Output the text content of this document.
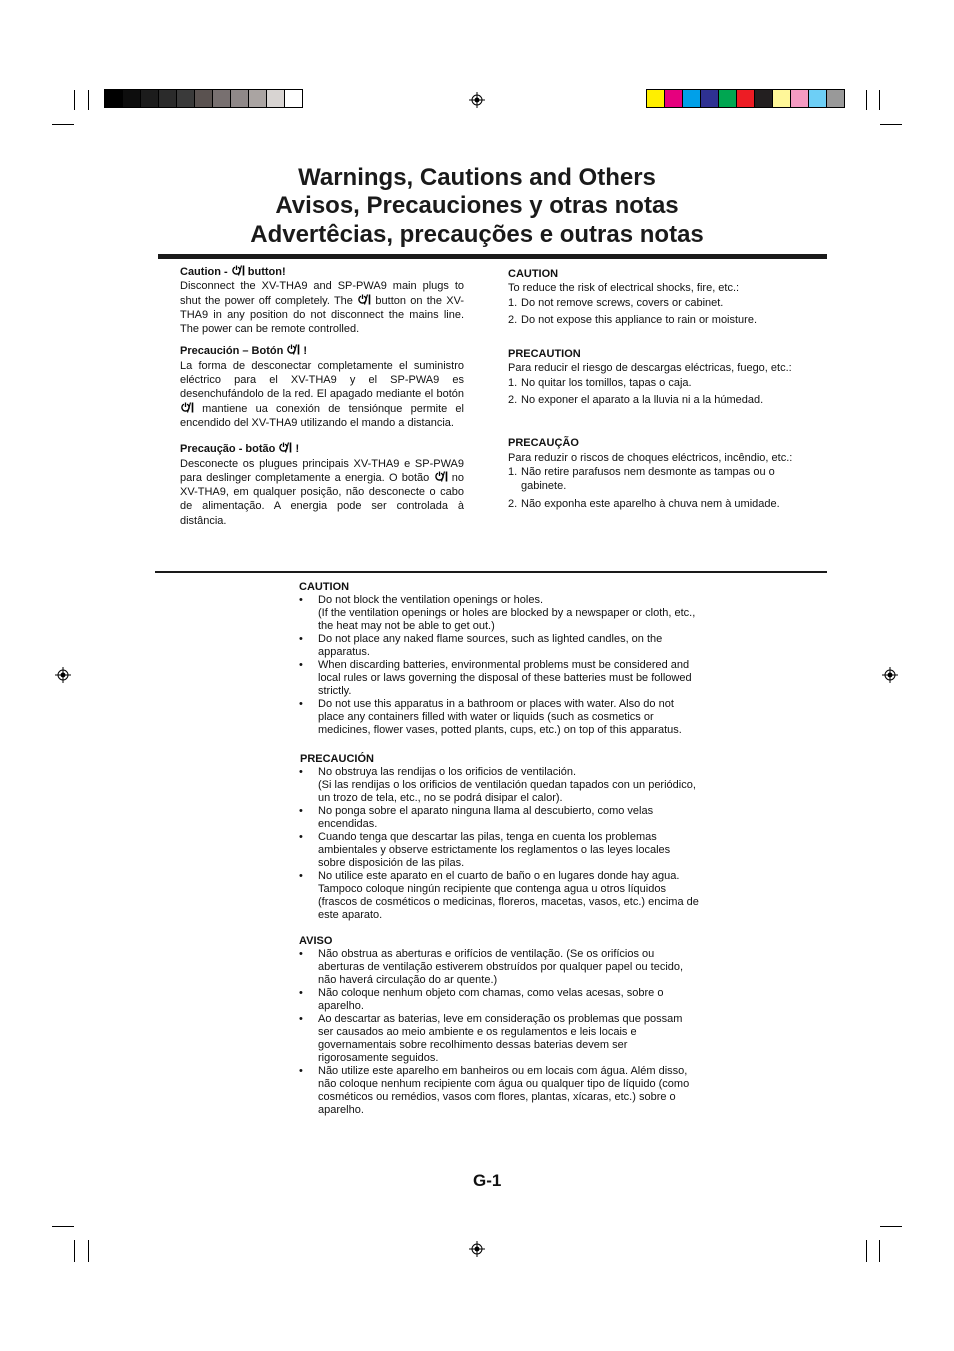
Warnings, Cautions and Others
Avisos, Precauciones y otras notas
Advertêcias, precauções e outras notas

Caution -  button!

Disconnect the XV-THA9 and SP-PWA9 main plugs to shut the power off completely. The  button on the XV-THA9 in any position do not disconnect the mains line. The power can be remote controlled.

Precaución – Botón  !

La forma de desconectar completamente el suministro eléctrico para el XV-THA9 y el SP-PWA9 es desenchufándolo de la red. El apagado mediante el botón  mantiene ua conexión de tensiónque permite el encendido del XV-THA9 utilizando el mando a distancia.

Precaução - botão  !

Desconecte os plugues principais XV-THA9 e SP-PWA9 para deslinger completamente a energia. O botão  no XV-THA9, em qualquer posição, não desconecte o cabo de alimentação. A energia pode ser controlada à distância.

CAUTION

To reduce the risk of electrical shocks, fire, etc.:

1. Do not remove screws, covers or cabinet.
2. Do not expose this appliance to rain or moisture.

PRECAUTION

Para reducir el riesgo de descargas eléctricas, fuego, etc.:

1. No quitar los tomillos, tapas o caja.
2. No exponer el aparato a la lluvia ni a la húmedad.

PRECAUÇÃO

Para reduzir o riscos de choques eléctricos, incêndio, etc.:

1. Não retire parafusos nem desmonte as tampas ou o gabinete.
2. Não exponha este aparelho à chuva nem à umidade.

CAUTION

• Do not block the ventilation openings or holes.
(If the ventilation openings or holes are blocked by a newspaper or cloth, etc., the heat may not be able to get out.)
• Do not place any naked flame sources, such as lighted candles, on the apparatus.
• When discarding batteries, environmental problems must be considered and local rules or laws governing the disposal of these batteries must be followed strictly.
• Do not use this apparatus in a bathroom or places with water. Also do not place any containers filled with water or liquids (such as cosmetics or medicines, flower vases, potted plants, cups, etc.) on top of this apparatus.

PRECAUCIÓN

• No obstruya las rendijas o los orificios de ventilación.
(Si las rendijas o los orificios de ventilación quedan tapados con un periódico, un trozo de tela, etc., no se podrá disipar el calor).
• No ponga sobre el aparato ninguna llama al descubierto, como velas encendidas.
• Cuando tenga que descartar las pilas, tenga en cuenta los problemas ambientales y observe estrictamente los reglamentos o las leyes locales sobre disposición de las pilas.
• No utilice este aparato en el cuarto de baño o en lugares donde hay agua. Tampoco coloque ningún recipiente que contenga agua u otros líquidos (frascos de cosméticos o medicinas, floreros, macetas, vasos, etc.) encima de este aparato.

AVISO

• Não obstrua as aberturas e orifícios de ventilação. (Se os orifícios ou aberturas de ventilação estiverem obstruídos por qualquer papel ou tecido, não haverá circulação do ar quente.)
• Não coloque nenhum objeto com chamas, como velas acesas, sobre o aparelho.
• Ao descartar as baterias, leve em consideração os problemas que possam ser causados ao meio ambiente e os regulamentos e leis locais e governamentais sobre recolhimento dessas baterias devem ser rigorosamente seguidos.
• Não utilize este aparelho em banheiros ou em locais com água. Além disso, não coloque nenhum recipiente com água ou qualquer tipo de líquido (como cosméticos ou remédios, vasos com flores, plantas, xícaras, etc.) sobre o aparelho.
G-1
